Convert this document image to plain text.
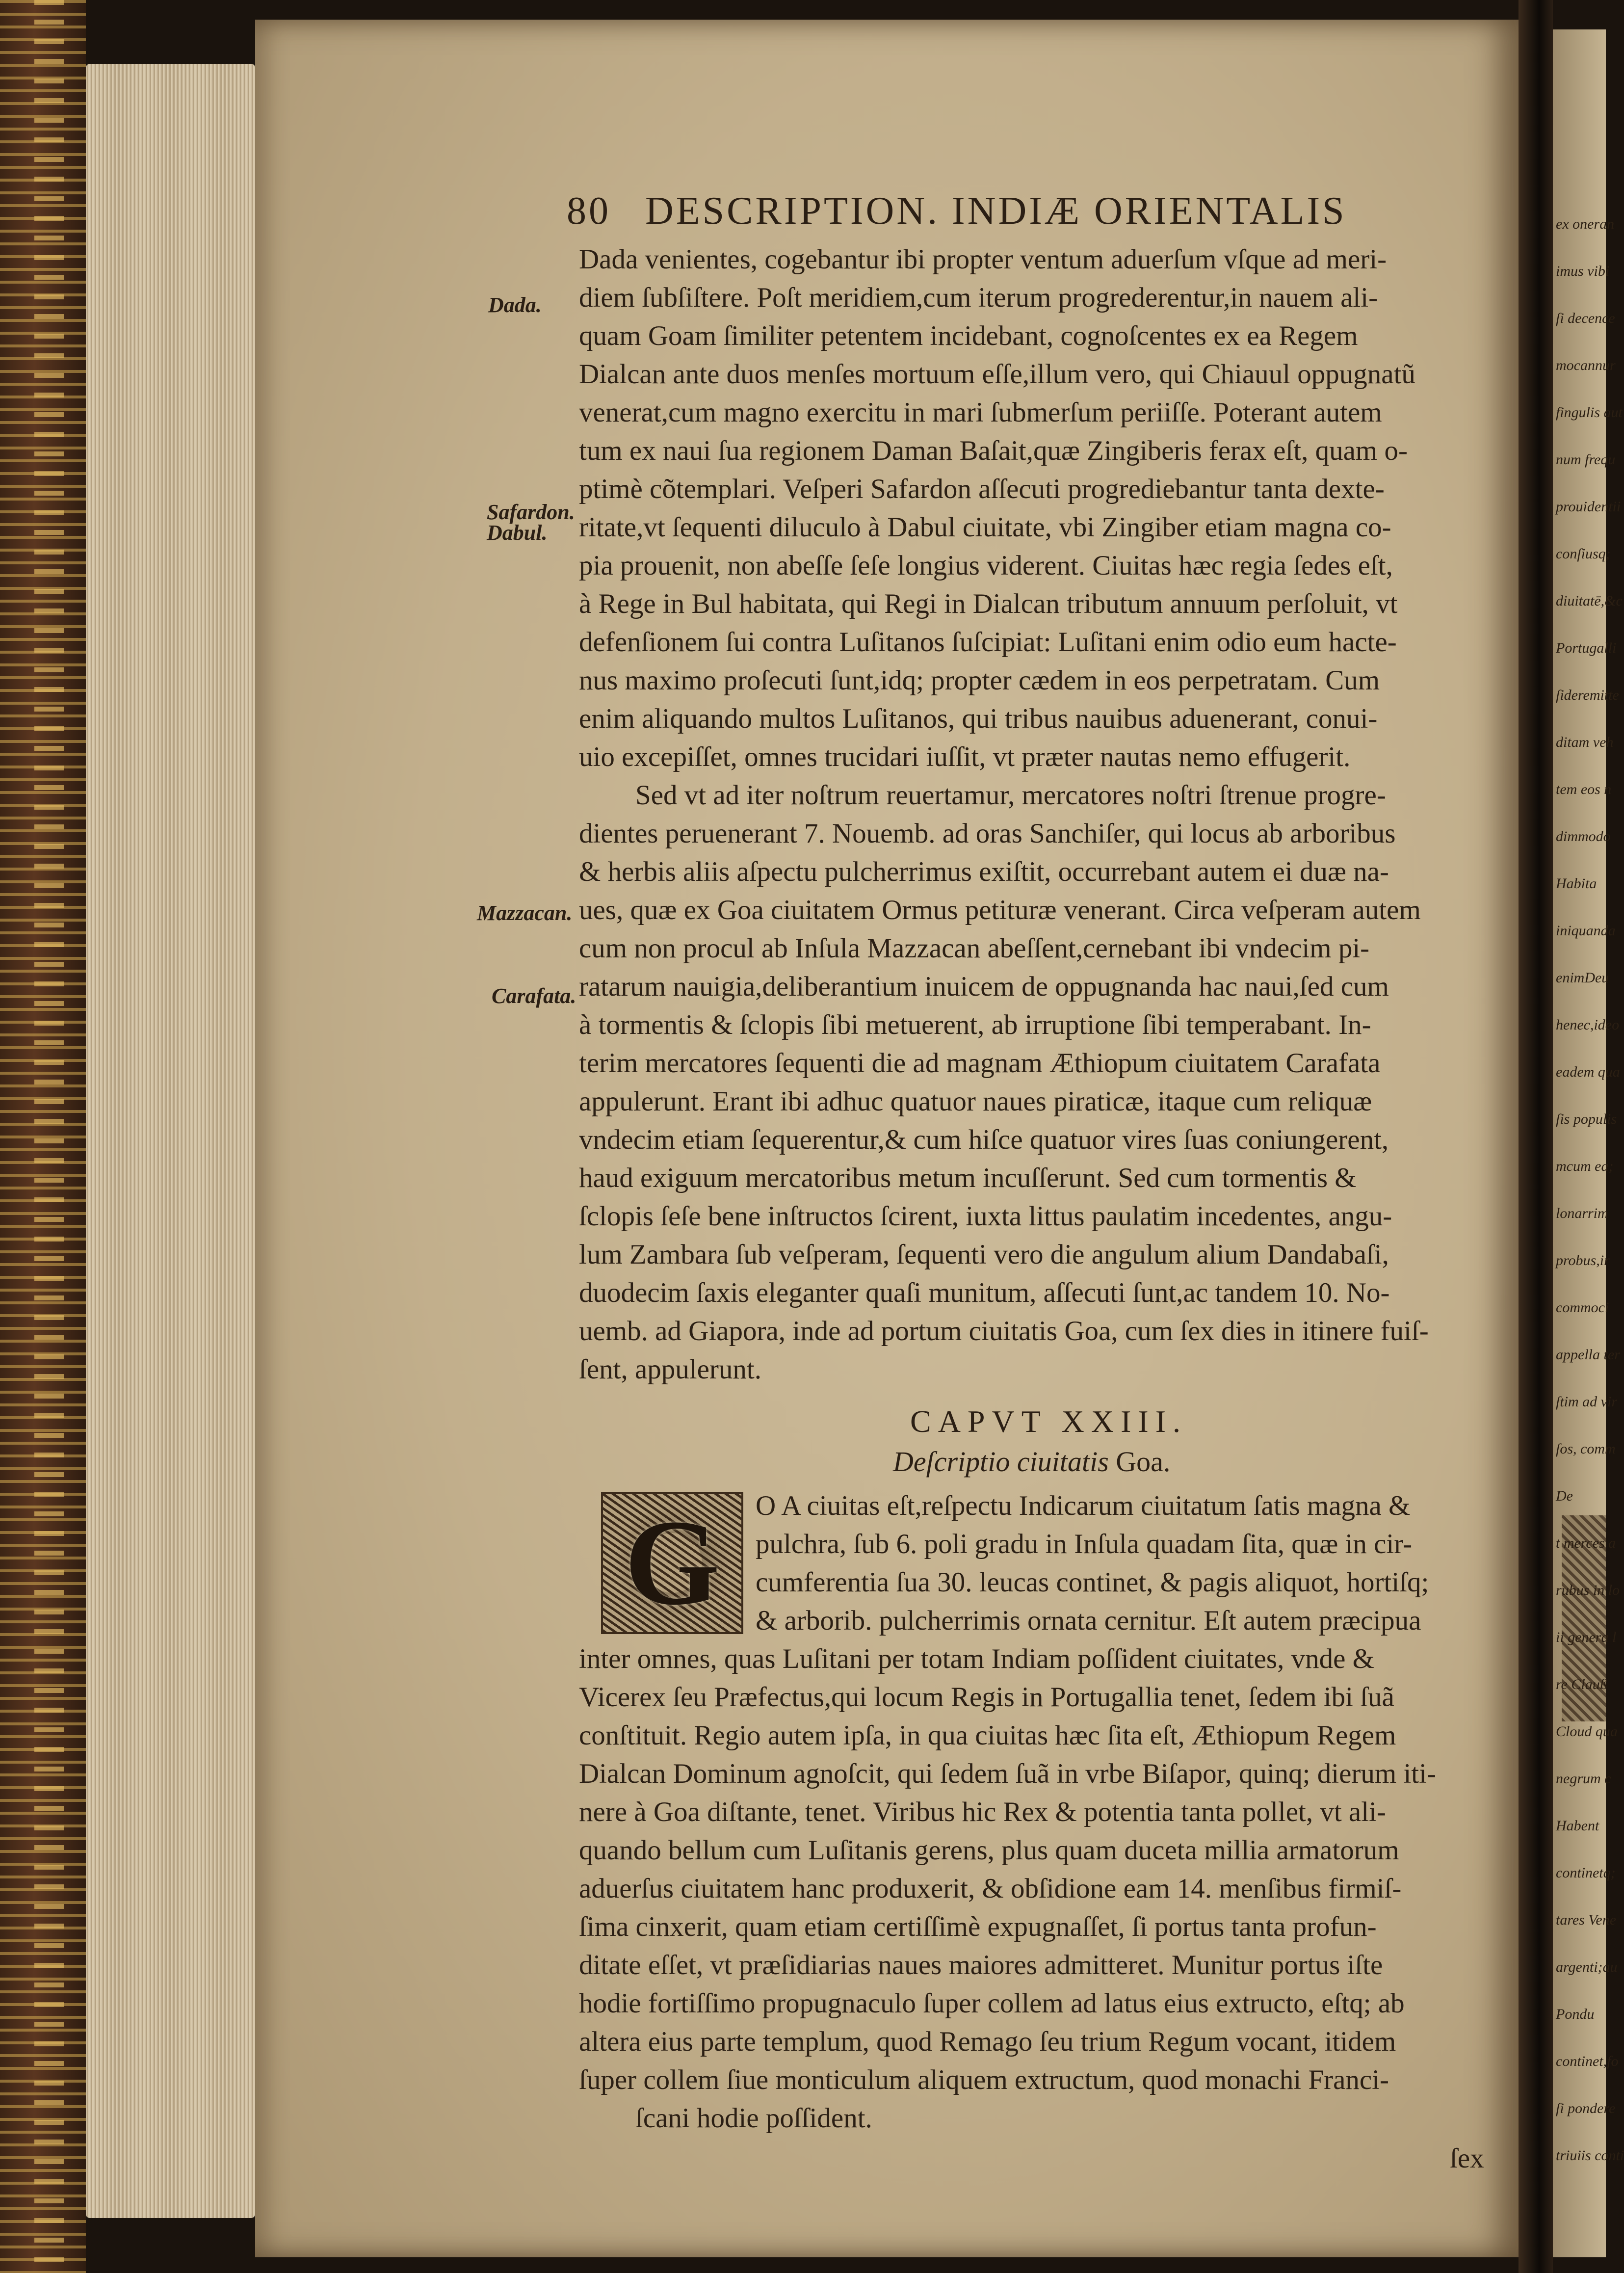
80 DESCRIPTION. INDIÆ ORIENTALIS
Dada.
Safardon.
Dabul.
Mazzacan.
Carafata.
Dada venientes, cogebantur ibi propter ventum aduerſum vſque ad meri-
diem ſubſiſtere. Poſt meridiem,cum iterum progrederentur,in nauem ali-
quam Goam ſimiliter petentem incidebant, cognoſcentes ex ea Regem
Dialcan ante duos menſes mortuum eſſe,illum vero, qui Chiauul oppugnatũ
venerat,cum magno exercitu in mari ſubmerſum periiſſe. Poterant autem
tum ex naui ſua regionem Daman Baſait,quæ Zingiberis ferax eſt, quam o-
ptimè cõtemplari. Veſperi Safardon aſſecuti progrediebantur tanta dexte-
ritate,vt ſequenti diluculo à Dabul ciuitate, vbi Zingiber etiam magna co-
pia prouenit, non abeſſe ſeſe longius viderent. Ciuitas hæc regia ſedes eſt,
à Rege in Bul habitata, qui Regi in Dialcan tributum annuum perſoluit, vt
defenſionem ſui contra Luſitanos ſuſcipiat: Luſitani enim odio eum hacte-
nus maximo proſecuti ſunt,idq; propter cædem in eos perpetratam. Cum
enim aliquando multos Luſitanos, qui tribus nauibus aduenerant, conui-
uio excepiſſet, omnes trucidari iuſſit, vt præter nautas nemo effugerit.
Sed vt ad iter noſtrum reuertamur, mercatores noſtri ſtrenue progre-
dientes peruenerant 7. Nouemb. ad oras Sanchiſer, qui locus ab arboribus
& herbis aliis aſpectu pulcherrimus exiſtit, occurrebant autem ei duæ na-
ues, quæ ex Goa ciuitatem Ormus petituræ venerant. Circa veſperam autem
cum non procul ab Inſula Mazzacan abeſſent,cernebant ibi vndecim pi-
ratarum nauigia,deliberantium inuicem de oppugnanda hac naui,ſed cum
à tormentis & ſclopis ſibi metuerent, ab irruptione ſibi temperabant. In-
terim mercatores ſequenti die ad magnam Æthiopum ciuitatem Carafata
appulerunt. Erant ibi adhuc quatuor naues piraticæ, itaque cum reliquæ
vndecim etiam ſequerentur,& cum hiſce quatuor vires ſuas coniungerent,
haud exiguum mercatoribus metum incuſſerunt. Sed cum tormentis &
ſclopis ſeſe bene inſtructos ſcirent, iuxta littus paulatim incedentes, angu-
lum Zambara ſub veſperam, ſequenti vero die angulum alium Dandabaſi,
duodecim ſaxis eleganter quaſi munitum, aſſecuti ſunt,ac tandem 10. No-
uemb. ad Giapora, inde ad portum ciuitatis Goa, cum ſex dies in itinere fuiſ-
ſent, appulerunt.
CAPVT XXIII.
Deſcriptio ciuitatis Goa.
G O A ciuitas eſt,reſpectu Indicarum ciuitatum ſatis magna &
pulchra, ſub 6. poli gradu in Inſula quadam ſita, quæ in cir-
cumferentia ſua 30. leucas continet, & pagis aliquot, hortiſq;
& arborib. pulcherrimis ornata cernitur. Eſt autem præcipua
inter omnes, quas Luſitani per totam Indiam poſſident ciuitates, vnde &
Vicerex ſeu Præfectus,qui locum Regis in Portugallia tenet, ſedem ibi ſuã
conſtituit. Regio autem ipſa, in qua ciuitas hæc ſita eſt, Æthiopum Regem
Dialcan Dominum agnoſcit, qui ſedem ſuã in vrbe Biſapor, quinq; dierum iti-
nere à Goa diſtante, tenet. Viribus hic Rex & potentia tanta pollet, vt ali-
quando bellum cum Luſitanis gerens, plus quam duceta millia armatorum
aduerſus ciuitatem hanc produxerit, & obſidione eam 14. menſibus firmiſ-
ſima cinxerit, quam etiam certiſſimè expugnaſſet, ſi portus tanta profun-
ditate eſſet, vt præſidiarias naues maiores admitteret. Munitur portus iſte
hodie fortiſſimo propugnaculo ſuper collem ad latus eius extructo, eſtq; ab
altera eius parte templum, quod Remago ſeu trium Regum vocant, itidem
ſuper collem ſiue monticulum aliquem extructum, quod monachi Franci-
ſcani hodie poſſident.
ex oneran
imus vibi
ſi decence
mocannur
fingulis aut
num frequ
prouidentii
conſiusq;
diuitatē,&c
Portugalli
ſideremitte
ditam veh
tem eos n
dimmodo
Habita
iniquanda
enimDeu
henec,ideo
eadem qua
ſis populis
mcum ea;
lonarrim
probus,ir
commoci
appella ter
ſtim ad vir
ſos, comm
De
t merces a
rubus in lo
ii genera l
re Clauß
Cloud qua
negrum c
Habent
continetq;
tares Vene
argenti;au
Pondu
continet,fo
ſi pondere
triuiis conti
ſex
